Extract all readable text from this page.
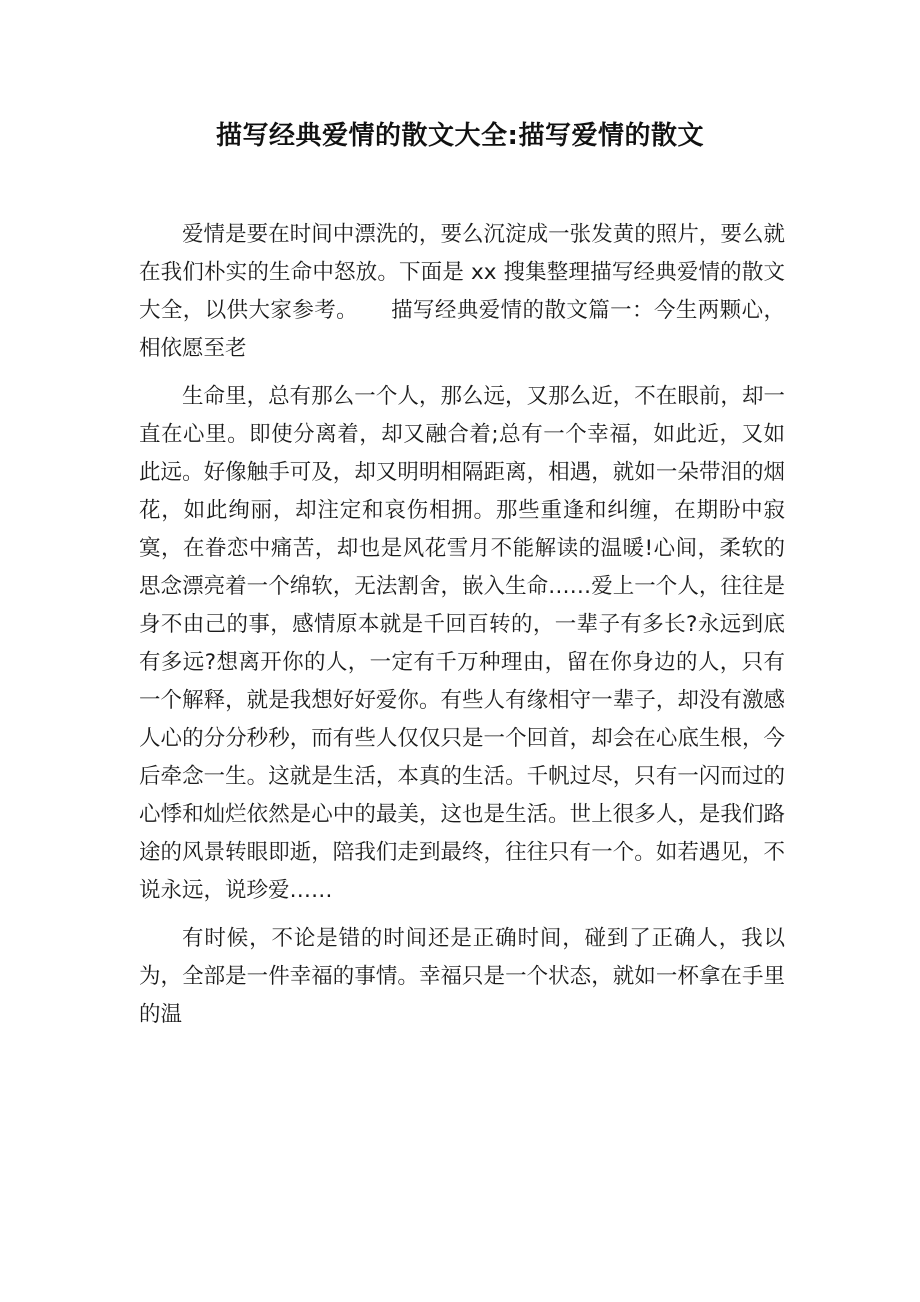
描写经典爱情的散文大全:描写爱情的散文

爱情是要在时间中漂洗的，要么沉淀成一张发黄的照片，要么就在我们朴实的生命中怒放。下面是 xx 搜集整理描写经典爱情的散文大全，以供大家参考。　　描写经典爱情的散文篇一：今生两颗心，相依愿至老

生命里，总有那么一个人，那么远，又那么近，不在眼前，却一直在心里。即使分离着，却又融合着;总有一个幸福，如此近，又如此远。好像触手可及，却又明明相隔距离，相遇，就如一朵带泪的烟花，如此绚丽，却注定和哀伤相拥。那些重逢和纠缠，在期盼中寂寞，在眷恋中痛苦，却也是风花雪月不能解读的温暖!心间，柔软的思念漂亮着一个绵软，无法割舍，嵌入生命……爱上一个人，往往是身不由己的事，感情原本就是千回百转的，一辈子有多长?永远到底有多远?想离开你的人，一定有千万种理由，留在你身边的人，只有一个解释，就是我想好好爱你。有些人有缘相守一辈子，却没有激感人心的分分秒秒，而有些人仅仅只是一个回首，却会在心底生根，今后牵念一生。这就是生活，本真的生活。千帆过尽，只有一闪而过的心悸和灿烂依然是心中的最美，这也是生活。世上很多人，是我们路途的风景转眼即逝，陪我们走到最终，往往只有一个。如若遇见，不说永远，说珍爱……

有时候，不论是错的时间还是正确时间，碰到了正确人，我以为，全部是一件幸福的事情。幸福只是一个状态，就如一杯拿在手里的温
